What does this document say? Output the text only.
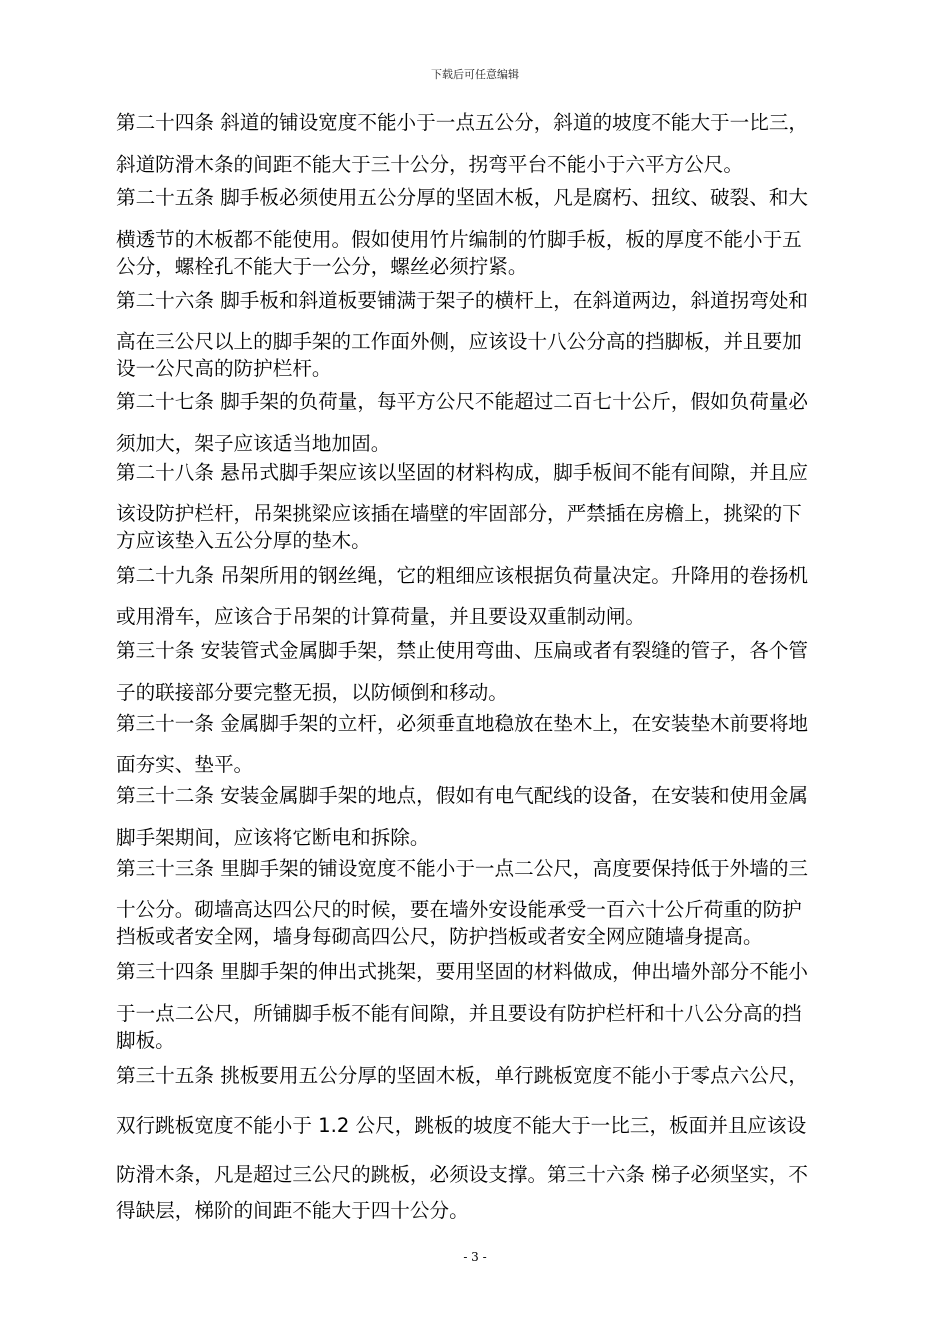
下载后可任意编辑
第二十四条 斜道的铺设宽度不能小于一点五公分，斜道的坡度不能大于一比三，
斜道防滑木条的间距不能大于三十公分，拐弯平台不能小于六平方公尺。
第二十五条 脚手板必须使用五公分厚的坚固木板，凡是腐朽、扭纹、破裂、和大
横透节的木板都不能使用。假如使用竹片编制的竹脚手板，板的厚度不能小于五
公分，螺栓孔不能大于一公分，螺丝必须拧紧。
第二十六条 脚手板和斜道板要铺满于架子的横杆上，在斜道两边，斜道拐弯处和
高在三公尺以上的脚手架的工作面外侧，应该设十八公分高的挡脚板，并且要加
设一公尺高的防护栏杆。
第二十七条 脚手架的负荷量，每平方公尺不能超过二百七十公斤，假如负荷量必
须加大，架子应该适当地加固。
第二十八条 悬吊式脚手架应该以坚固的材料构成，脚手板间不能有间隙，并且应
该设防护栏杆，吊架挑梁应该插在墙壁的牢固部分，严禁插在房檐上，挑梁的下
方应该垫入五公分厚的垫木。
第二十九条 吊架所用的钢丝绳，它的粗细应该根据负荷量决定。升降用的卷扬机
或用滑车，应该合于吊架的计算荷量，并且要设双重制动闸。
第三十条 安装管式金属脚手架，禁止使用弯曲、压扁或者有裂缝的管子，各个管
子的联接部分要完整无损，以防倾倒和移动。
第三十一条 金属脚手架的立杆，必须垂直地稳放在垫木上，在安装垫木前要将地
面夯实、垫平。
第三十二条 安装金属脚手架的地点，假如有电气配线的设备，在安装和使用金属
脚手架期间，应该将它断电和拆除。
第三十三条 里脚手架的铺设宽度不能小于一点二公尺，高度要保持低于外墙的三
十公分。砌墙高达四公尺的时候，要在墙外安设能承受一百六十公斤荷重的防护
挡板或者安全网，墙身每砌高四公尺，防护挡板或者安全网应随墙身提高。
第三十四条 里脚手架的伸出式挑架，要用坚固的材料做成，伸出墙外部分不能小
于一点二公尺，所铺脚手板不能有间隙，并且要设有防护栏杆和十八公分高的挡
脚板。
第三十五条 挑板要用五公分厚的坚固木板，单行跳板宽度不能小于零点六公尺，
双行跳板宽度不能小于 1.2 公尺，跳板的坡度不能大于一比三，板面并且应该设
防滑木条，凡是超过三公尺的跳板，必须设支撑。第三十六条 梯子必须坚实，不
得缺层，梯阶的间距不能大于四十公分。
- 3 -
